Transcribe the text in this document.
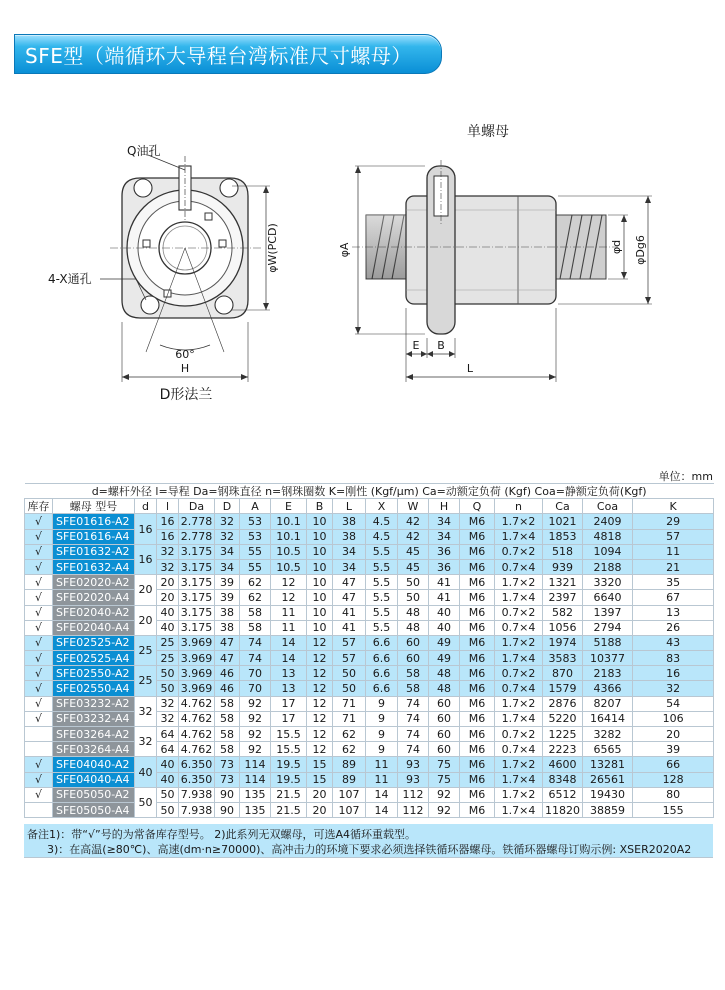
SFE型（端循环大导程台湾标准尺寸螺母）
Q油孔
4-X通孔
φW(PCD)
60°
H
D形法兰
单螺母
φA	φd φDg6
E B
L
单位：mm
d=螺杆外径 l=导程 Da=钢珠直径 n=钢珠圈数 K=刚性 (Kgf/μm) Ca=动额定负荷 (Kgf) Coa=静额定负荷(Kgf)																	
库存	螺母 型号	d	l	Da	D	A	E	B	L	X	W	H	Q	n	Ca	Coa	K
√	SFE01616-A2	16	16	2.778	32	53	10.1	10	38	4.5	42	34	M6	1.7×2	1021	2409	29
√	SFE01616-A4		16	2.778	32	53	10.1	10	38	4.5	42	34	M6	1.7×4	1853	4818	57
√	SFE01632-A2	16	32	3.175	34	55	10.5	10	34	5.5	45	36	M6	0.7×2	518	1094	11
√	SFE01632-A4		32	3.175	34	55	10.5	10	34	5.5	45	36	M6	0.7×4	939	2188	21
√	SFE02020-A2	20	20	3.175	39	62	12	10	47	5.5	50	41	M6	1.7×2	1321	3320	35
√	SFE02020-A4		20	3.175	39	62	12	10	47	5.5	50	41	M6	1.7×4	2397	6640	67
√	SFE02040-A2	20	40	3.175	38	58	11	10	41	5.5	48	40	M6	0.7×2	582	1397	13
√	SFE02040-A4		40	3.175	38	58	11	10	41	5.5	48	40	M6	0.7×4	1056	2794	26
√	SFE02525-A2	25	25	3.969	47	74	14	12	57	6.6	60	49	M6	1.7×2	1974	5188	43
√	SFE02525-A4		25	3.969	47	74	14	12	57	6.6	60	49	M6	1.7×4	3583	10377	83
√	SFE02550-A2	25	50	3.969	46	70	13	12	50	6.6	58	48	M6	0.7×2	870	2183	16
√	SFE02550-A4		50	3.969	46	70	13	12	50	6.6	58	48	M6	0.7×4	1579	4366	32
√	SFE03232-A2	32	32	4.762	58	92	17	12	71	9	74	60	M6	1.7×2	2876	8207	54
√	SFE03232-A4		32	4.762	58	92	17	12	71	9	74	60	M6	1.7×4	5220	16414	106
	SFE03264-A2	32	64	4.762	58	92	15.5	12	62	9	74	60	M6	0.7×2	1225	3282	20
	SFE03264-A4		64	4.762	58	92	15.5	12	62	9	74	60	M6	0.7×4	2223	6565	39
√	SFE04040-A2	40	40	6.350	73	114	19.5	15	89	11	93	75	M6	1.7×2	4600	13281	66
√	SFE04040-A4		40	6.350	73	114	19.5	15	89	11	93	75	M6	1.7×4	8348	26561	128
√	SFE05050-A2	50	50	7.938	90	135	21.5	20	107	14	112	92	M6	1.7×2	6512	19430	80
	SFE05050-A4		50	7.938	90	135	21.5	20	107	14	112	92	M6	1.7×4	11820	38859	155
备注1)：带“√”号的为常备库存型号。 2)此系列无双螺母，可选A4循环重载型。
3)：在高温(≥80℃)、高速(dm·n≥70000)、高冲击力的环境下要求必须选择铁循环器螺母。铁循环器螺母订购示例: XSER2020A2
